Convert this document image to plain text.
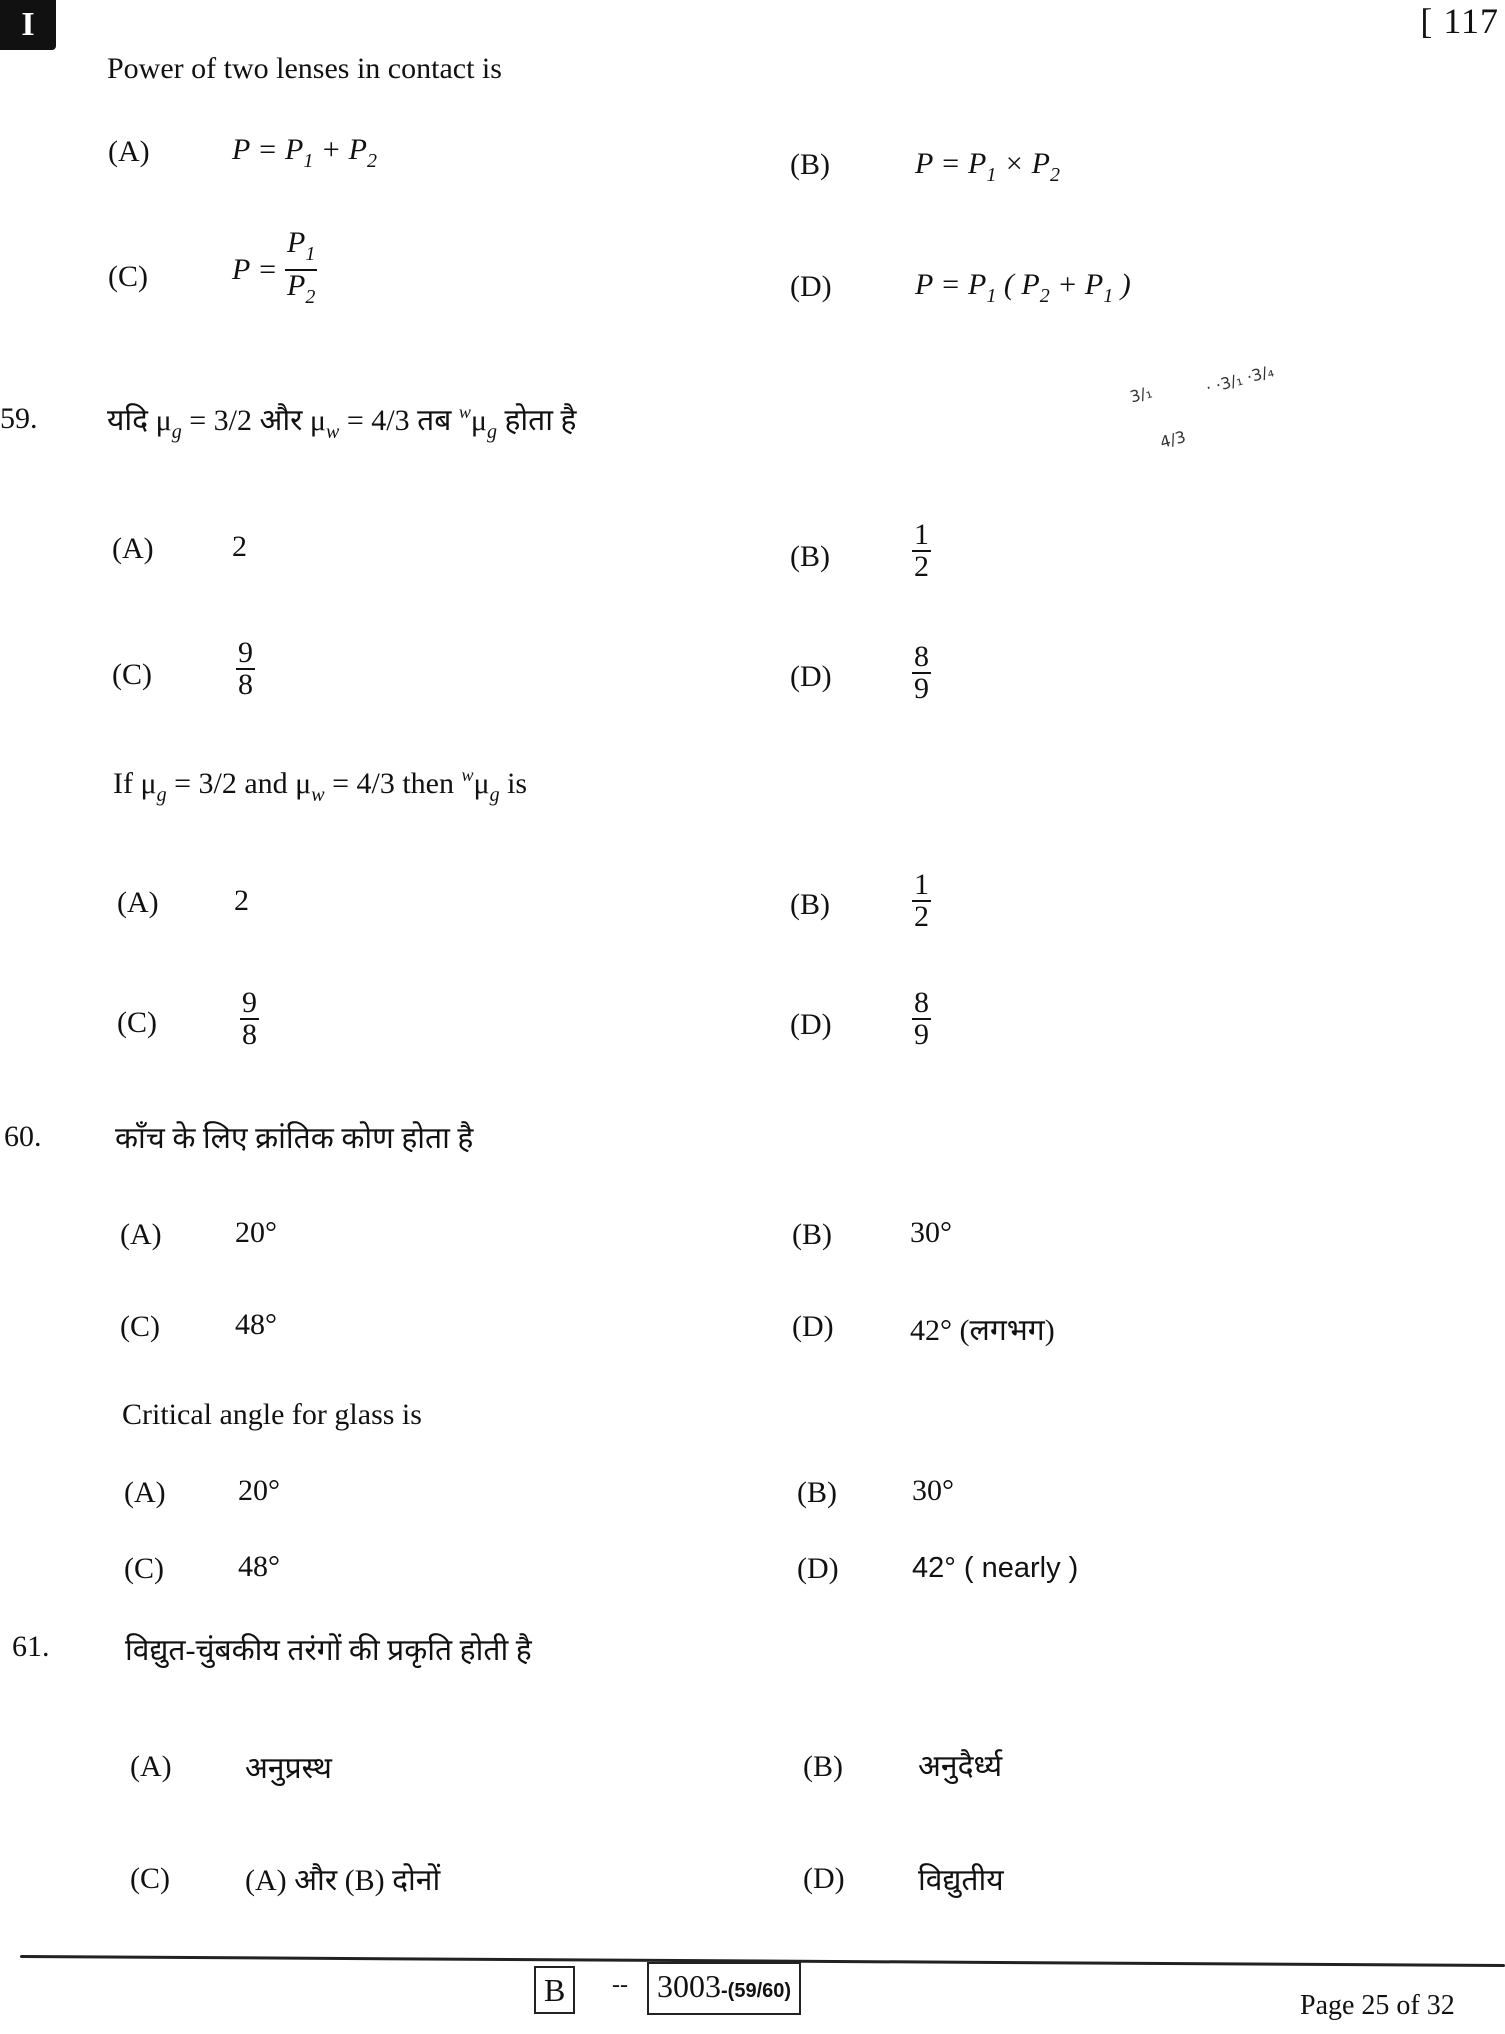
I	[ 117
Power of two lenses in contact is
(A)	$P = P_1 + P_2$	(B)	$P = P_1 \times P_2$
(C)	$P = \frac{P_1}{P_2}$	(D)	$P = P_1$ ( $P_2 + P_1$ )
59. यदि $\mu_g = 3/2$ और $\mu_w = 4/3$ तब $^w\mu_g$ होता है
3/₁	· ·3/₁ ·3/₄
4/3
(A)	2	(B)	$\frac{1}{2}$
(C)	$\frac{9}{8}$	(D)	$\frac{8}{9}$
If $\mu_g = 3/2$ and $\mu_w = 4/3$ then $^w\mu_g$ is
(A)	2	(B)	$\frac{1}{2}$
(C)	$\frac{9}{8}$	(D)	$\frac{8}{9}$
60. काँच के लिए क्रांतिक कोण होता है
(A) 20°	(B)	30°
(C)	48°	(D)	42° (लगभग)
Critical angle for glass is
(A) 20°	(B)	30°
(C) 48°	(D)	42° ( nearly )
61.	विद्युत-चुंबकीय तरंगों की प्रकृति होती है
(A) अनुप्रस्थ	(B)	अनुदैर्ध्य
(C)	(A) और (B) दोनों	(D) विद्युतीय
B	-- 3003-(59/60)	Page 25 of 32
